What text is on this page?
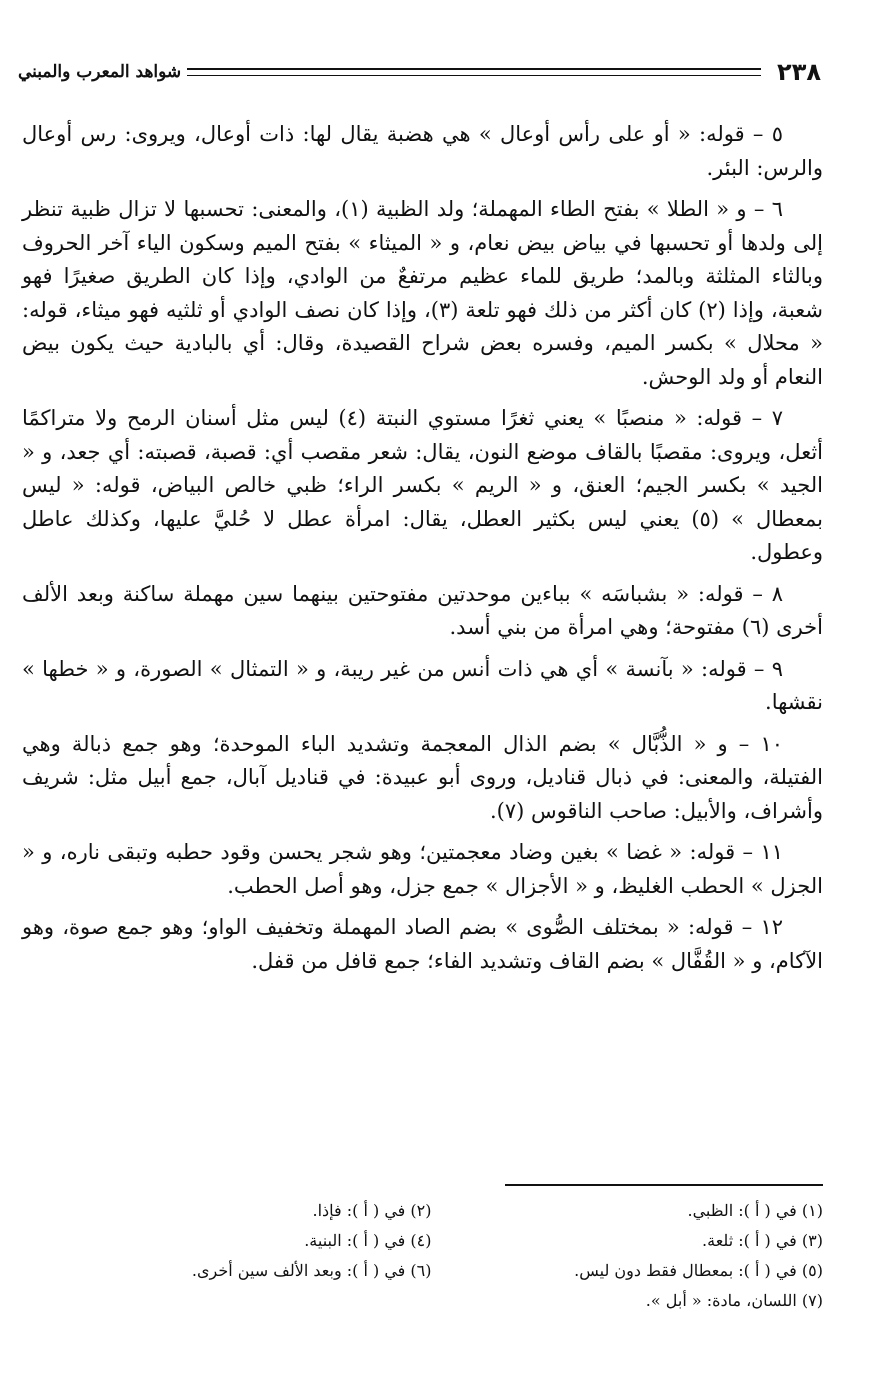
٢٣٨
شواهد المعرب والمبني

٥ – قوله: « أو على رأس أوعال » هي هضبة يقال لها: ذات أوعال، ويروى: رس أوعال والرس: البئر.

٦ – و « الطلا » بفتح الطاء المهملة؛ ولد الظبية (١)، والمعنى: تحسبها لا تزال ظبية تنظر إلى ولدها أو تحسبها في بياض بيض نعام، و « الميثاء » بفتح الميم وسكون الياء آخر الحروف وبالثاء المثلثة وبالمد؛ طريق للماء عظيم مرتفعٌ من الوادي، وإذا كان الطريق صغيرًا فهو شعبة، وإذا (٢) كان أكثر من ذلك فهو تلعة (٣)، وإذا كان نصف الوادي أو ثلثيه فهو ميثاء، قوله: « محلال » بكسر الميم، وفسره بعض شراح القصيدة، وقال: أي بالبادية حيث يكون بيض النعام أو ولد الوحش.

٧ – قوله: « منصبًا » يعني ثغرًا مستوي النبتة (٤) ليس مثل أسنان الرمح ولا متراكمًا أثعل، ويروى: مقصبًا بالقاف موضع النون، يقال: شعر مقصب أي: قصبة، قصبته: أي جعد، و « الجيد » بكسر الجيم؛ العنق، و « الريم » بكسر الراء؛ ظبي خالص البياض، قوله: « ليس بمعطال » (٥) يعني ليس بكثير العطل، يقال: امرأة عطل لا حُليَّ عليها، وكذلك عاطل وعطول.

٨ – قوله: « بشباسَه » بباءين موحدتين مفتوحتين بينهما سين مهملة ساكنة وبعد الألف أخرى (٦) مفتوحة؛ وهي امرأة من بني أسد.

٩ – قوله: « بآنسة » أي هي ذات أنس من غير ريبة، و « التمثال » الصورة، و « خطها » نقشها.

١٠ – و « الذُّبَّال » بضم الذال المعجمة وتشديد الباء الموحدة؛ وهو جمع ذبالة وهي الفتيلة، والمعنى: في ذبال قناديل، وروى أبو عبيدة: في قناديل آبال، جمع أبيل مثل: شريف وأشراف، والأبيل: صاحب الناقوس (٧).

١١ – قوله: « غضا » بغين وضاد معجمتين؛ وهو شجر يحسن وقود حطبه وتبقى ناره، و « الجزل » الحطب الغليظ، و « الأجزال » جمع جزل، وهو أصل الحطب.

١٢ – قوله: « بمختلف الصُّوى » بضم الصاد المهملة وتخفيف الواو؛ وهو جمع صوة، وهو الآكام، و « القُفَّال » بضم القاف وتشديد الفاء؛ جمع قافل من قفل.

(١) في ( أ ): الظبي.
(٢) في ( أ ): فإذا.
(٣) في ( أ ): ثلعة.
(٤) في ( أ ): البنية.
(٥) في ( أ ): بمعطال فقط دون ليس.
(٦) في ( أ ): وبعد الألف سين أخرى.
(٧) اللسان، مادة: « أبل ».
